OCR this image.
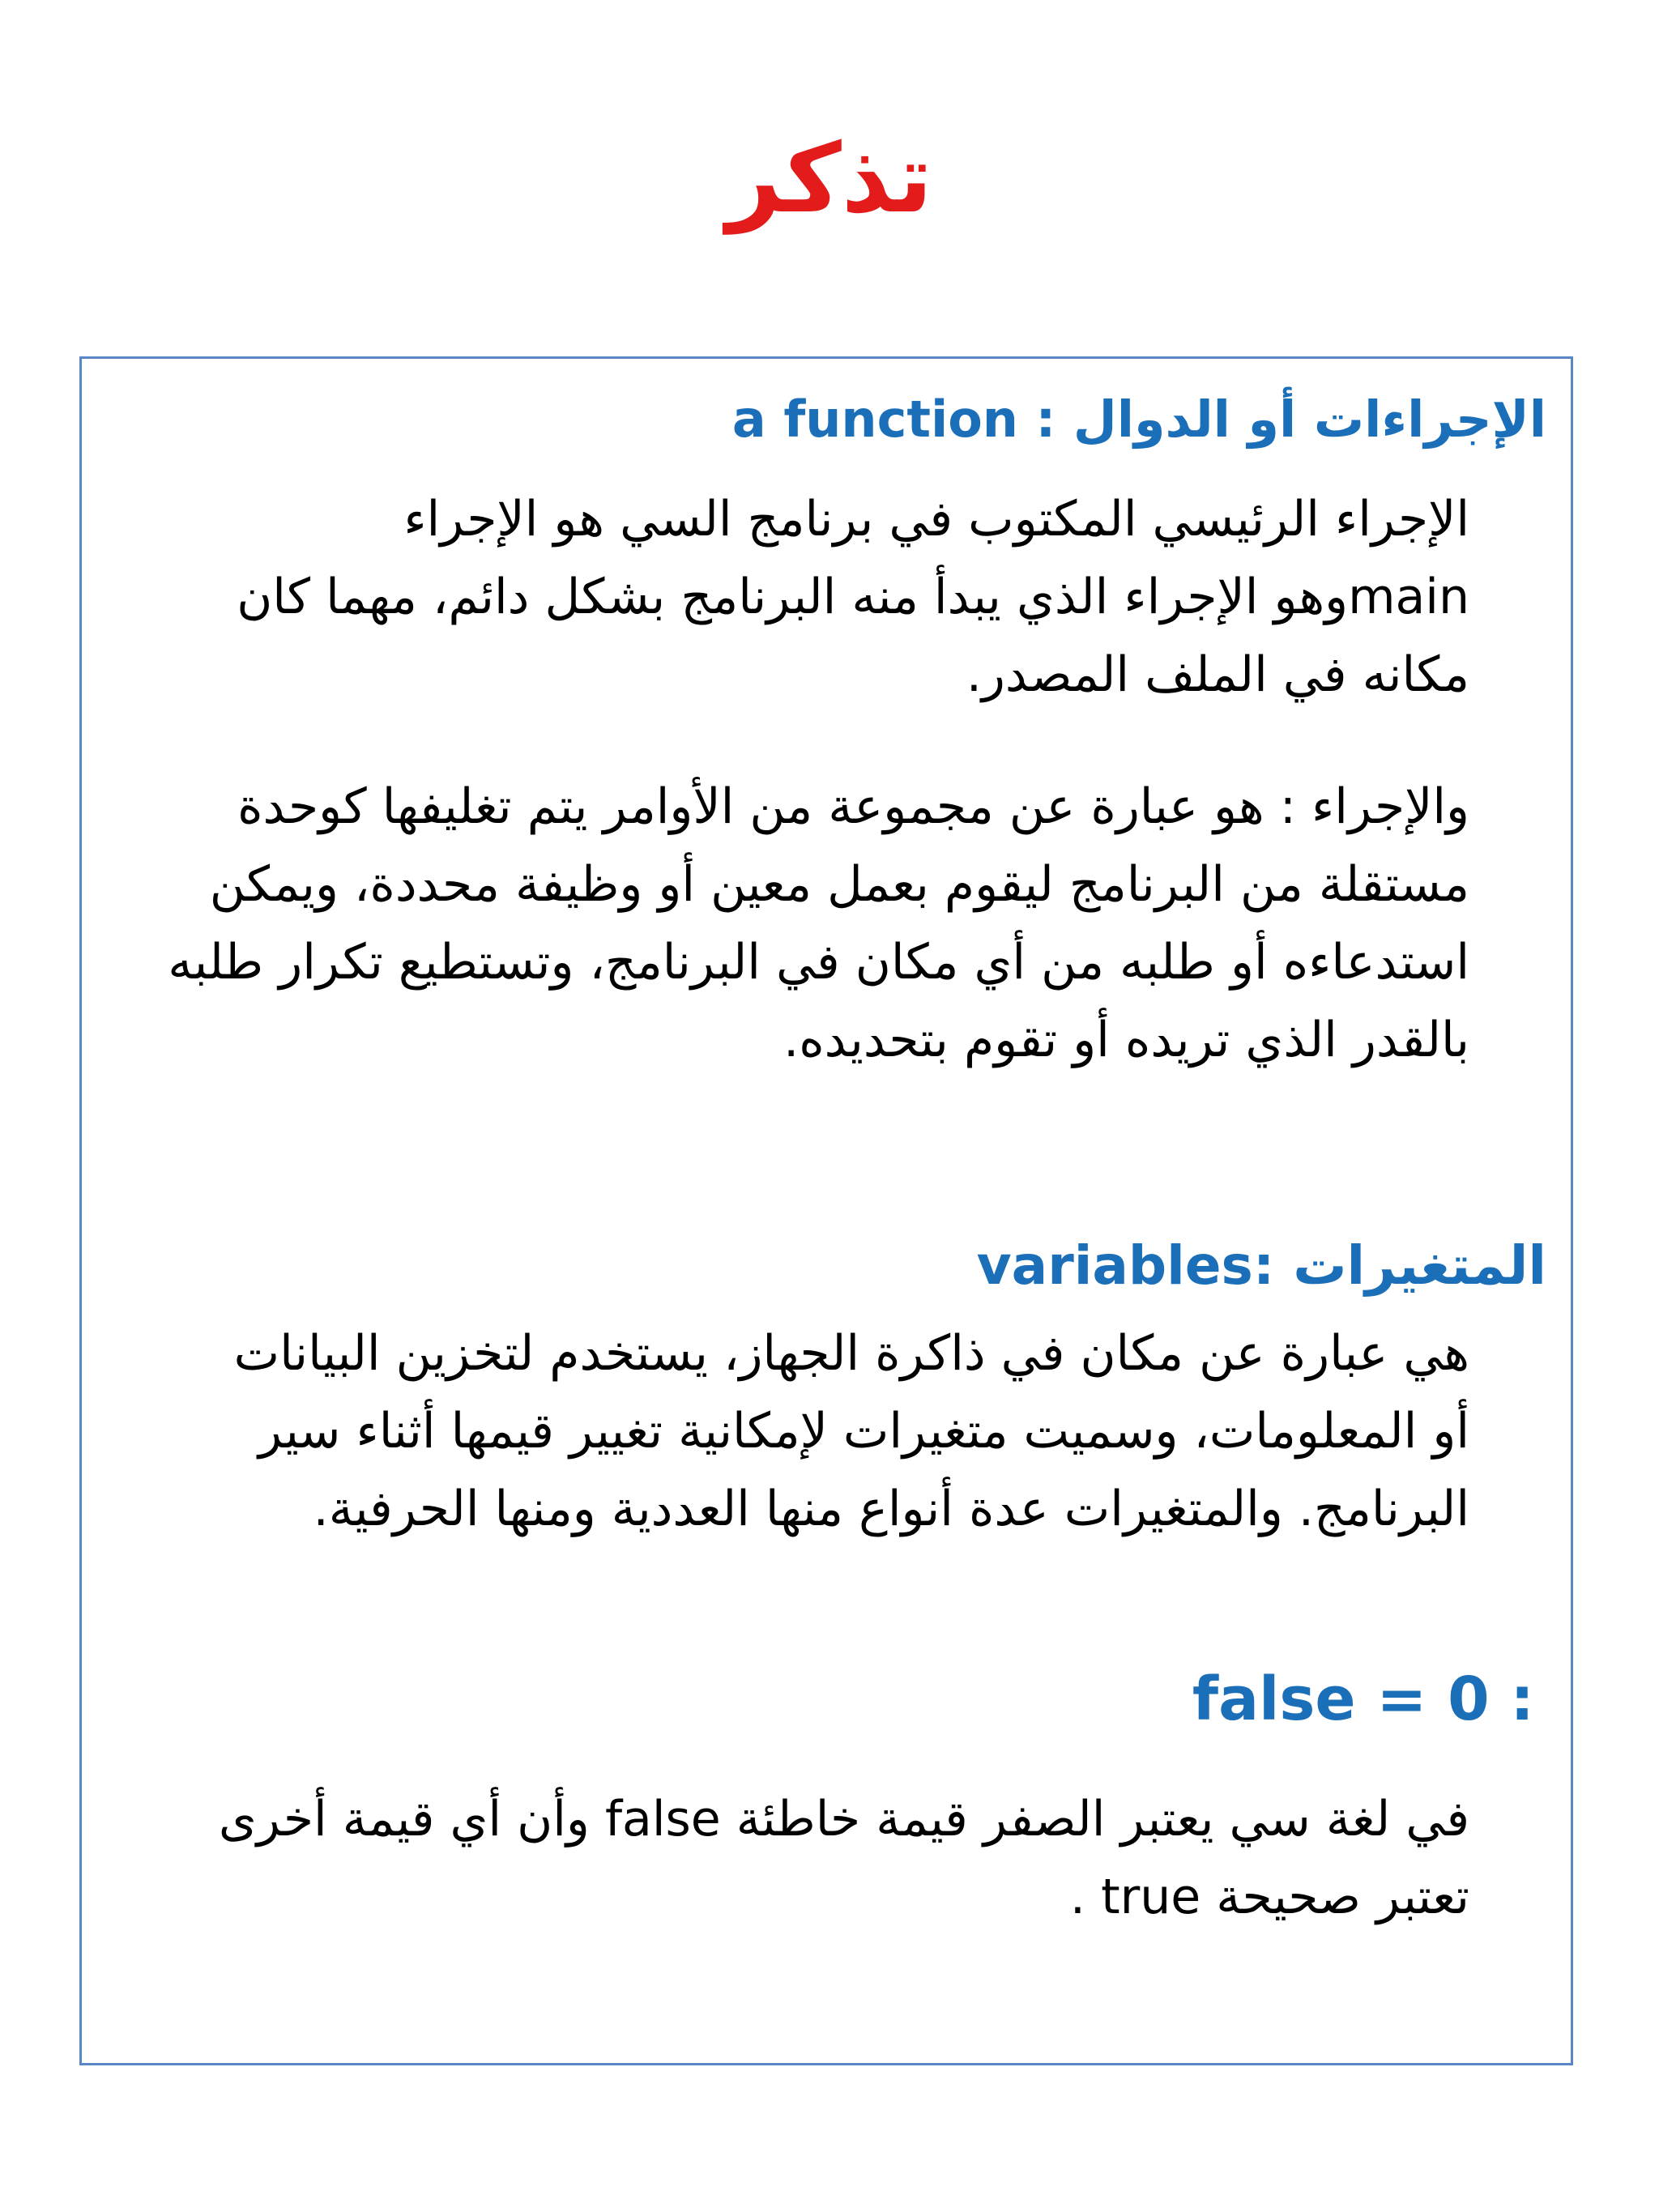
تذكر
الإجراءات أو الدوال : a function

الإجراء الرئيسي المكتوب في برنامج السي هو الإجراء mainوهو الإجراء الذي يبدأ منه البرنامج بشكل دائم، مهما كان مكانه في الملف المصدر.

والإجراء : هو عبارة عن مجموعة من الأوامر يتم تغليفها كوحدة مستقلة من البرنامج ليقوم بعمل معين أو وظيفة محددة، ويمكن استدعاءه أو طلبه من أي مكان في البرنامج، وتستطيع تكرار طلبه بالقدر الذي تريده أو تقوم بتحديده.

المتغيرات variables:

هي عبارة عن مكان في ذاكرة الجهاز، يستخدم لتخزين البيانات أو المعلومات، وسميت متغيرات لإمكانية تغيير قيمها أثناء سير البرنامج. والمتغيرات عدة أنواع منها العددية ومنها الحرفية.

false = 0 :

في لغة سي يعتبر الصفر قيمة خاطئة false وأن أي قيمة أخرى تعتبر صحيحة true .
